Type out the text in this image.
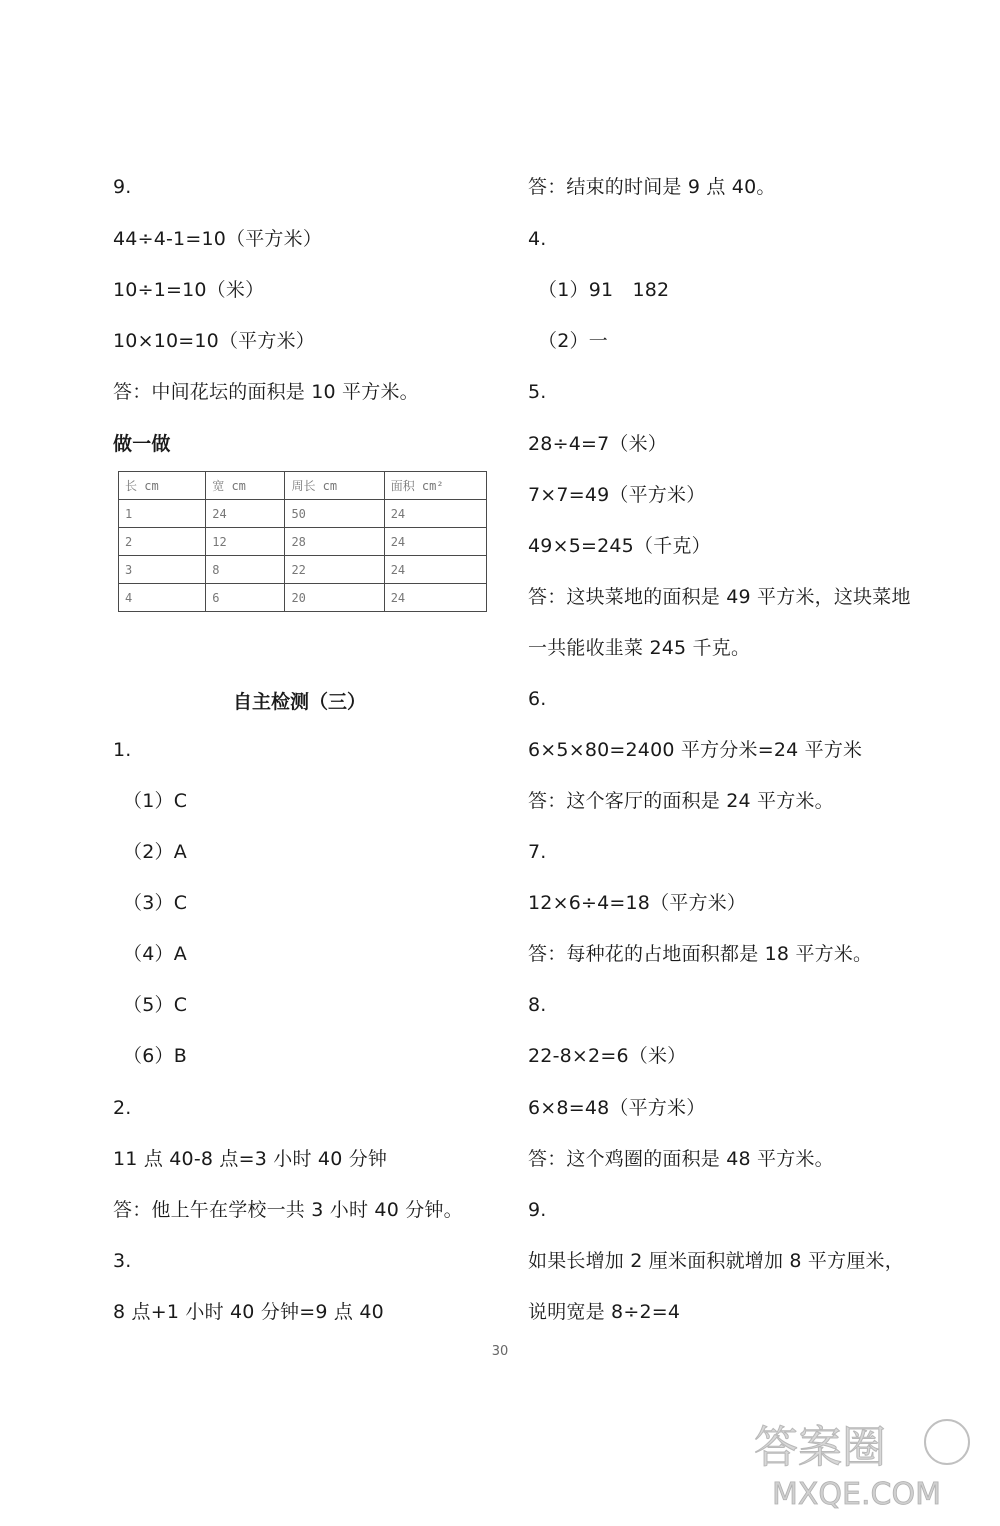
9.
44÷4-1=10（平方米）
10÷1=10（米）
10×10=10（平方米）
答：中间花坛的面积是 10 平方米。
做一做
自主检测（三）
1.
（1）C
（2）A
（3）C
（4）A
（5）C
（6）B
2.
11 点 40-8 点=3 小时 40 分钟
答：他上午在学校一共 3 小时 40 分钟。
3.
8 点+1 小时 40 分钟=9 点 40
长 cm	宽 cm	周长 cm	面积 cm²
1	24	50	24
2	12	28	24
3	8	22	24
4	6	20	24
答：结束的时间是 9 点 40。
4.
（1）91　182
（2）一
5.
28÷4=7（米）
7×7=49（平方米）
49×5=245（千克）
答：这块菜地的面积是 49 平方米，这块菜地
一共能收韭菜 245 千克。
6.
6×5×80=2400 平方分米=24 平方米
答：这个客厅的面积是 24 平方米。
7.
12×6÷4=18（平方米）
答：每种花的占地面积都是 18 平方米。
8.
22-8×2=6（米）
6×8=48（平方米）
答：这个鸡圈的面积是 48 平方米。
9.
如果长增加 2 厘米面积就增加 8 平方厘米，
说明宽是 8÷2=4
30
答案圈
MXQE.COM
